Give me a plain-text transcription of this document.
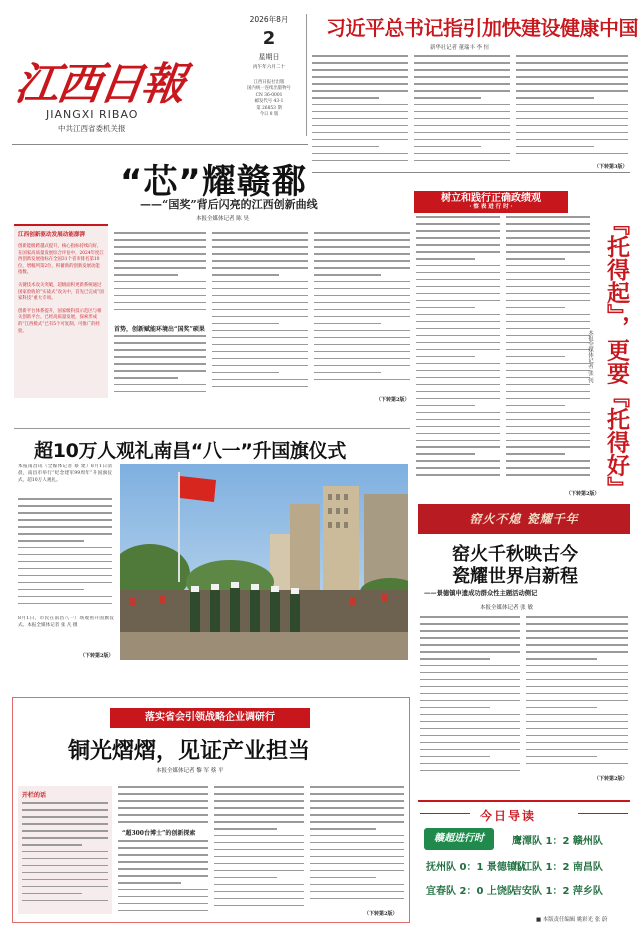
江西日報
JIANGXI RIBAO
中共江西省委机关报
2026年8月
2
星期日
丙午年六月二十
江西日报社出版
国内统一连续出版物号
CN 36-0001
邮发代号 43-1
第 26853 期
今日 8 版
习近平总书记指引加快建设健康中国
新华社记者 董瑞丰 李 恒
（下转第3版）
“芯”耀赣鄱
——“国奖”背后闪亮的江西创新曲线
本报全媒体记者 陈 昊
江西创新驱动发展动能澎湃
创新能级跨越式提升，核心指标持续向好，在国家高质量发展综合评估中，2024年度江西创新发展指标在全国31个省市排名第10位，增幅列第2位，积蓄新的创新发展动能指数。
关键技术攻关突破，超级面积更新系统通过国家验收的“实战式”攻关中，首先已完成“国家科技”重大专项。
创新平台体系提升，国家级科技示范区与相关创新平台、已经高质量发展，探索形成的“江西模式”已有5个可复制、可推广的经验。	首势，创新赋能环境出“国奖”硕果
（下转第2版）
树立和践行正确政绩观
· 察 表 进 行 时 ·
（下转第2版） 『托得起』，更要『托得好』
本报全媒体记者 张 钊
超10万人观礼南昌“八一”升国旗仪式
本报南昌讯（全媒体记者 蔡 建）8月1日清晨，南昌市举行“纪念建军99周年”升国旗仪式，超10万人观礼。
8月1日，市民在南昌八一广场观看升国旗仪式。本报全媒体记者 张 凡 摄
（下转第2版）
窑火不熄 瓷耀千年
窑火千秋映古今
瓷耀世界启新程
——景德镇申遗成功群众性主题活动侧记
本报全媒体记者 张 敏
（下转第2版）
落实省会引领战略企业调研行
铜光熠熠，见证产业担当
本报全媒体记者 黎 军 蔡 平
开栏的话
“超300台博士”的创新探索
（下转第2版）
今日导读
赣超进行时	鹰潭队 1：2 赣州队
抚州队 0：1 景德镇队
九江队 1：2 南昌队
宜春队 2：0 上饶队
吉安队 1：2 萍乡队
■ 本版责任编辑 姚彩光 张 蔚
